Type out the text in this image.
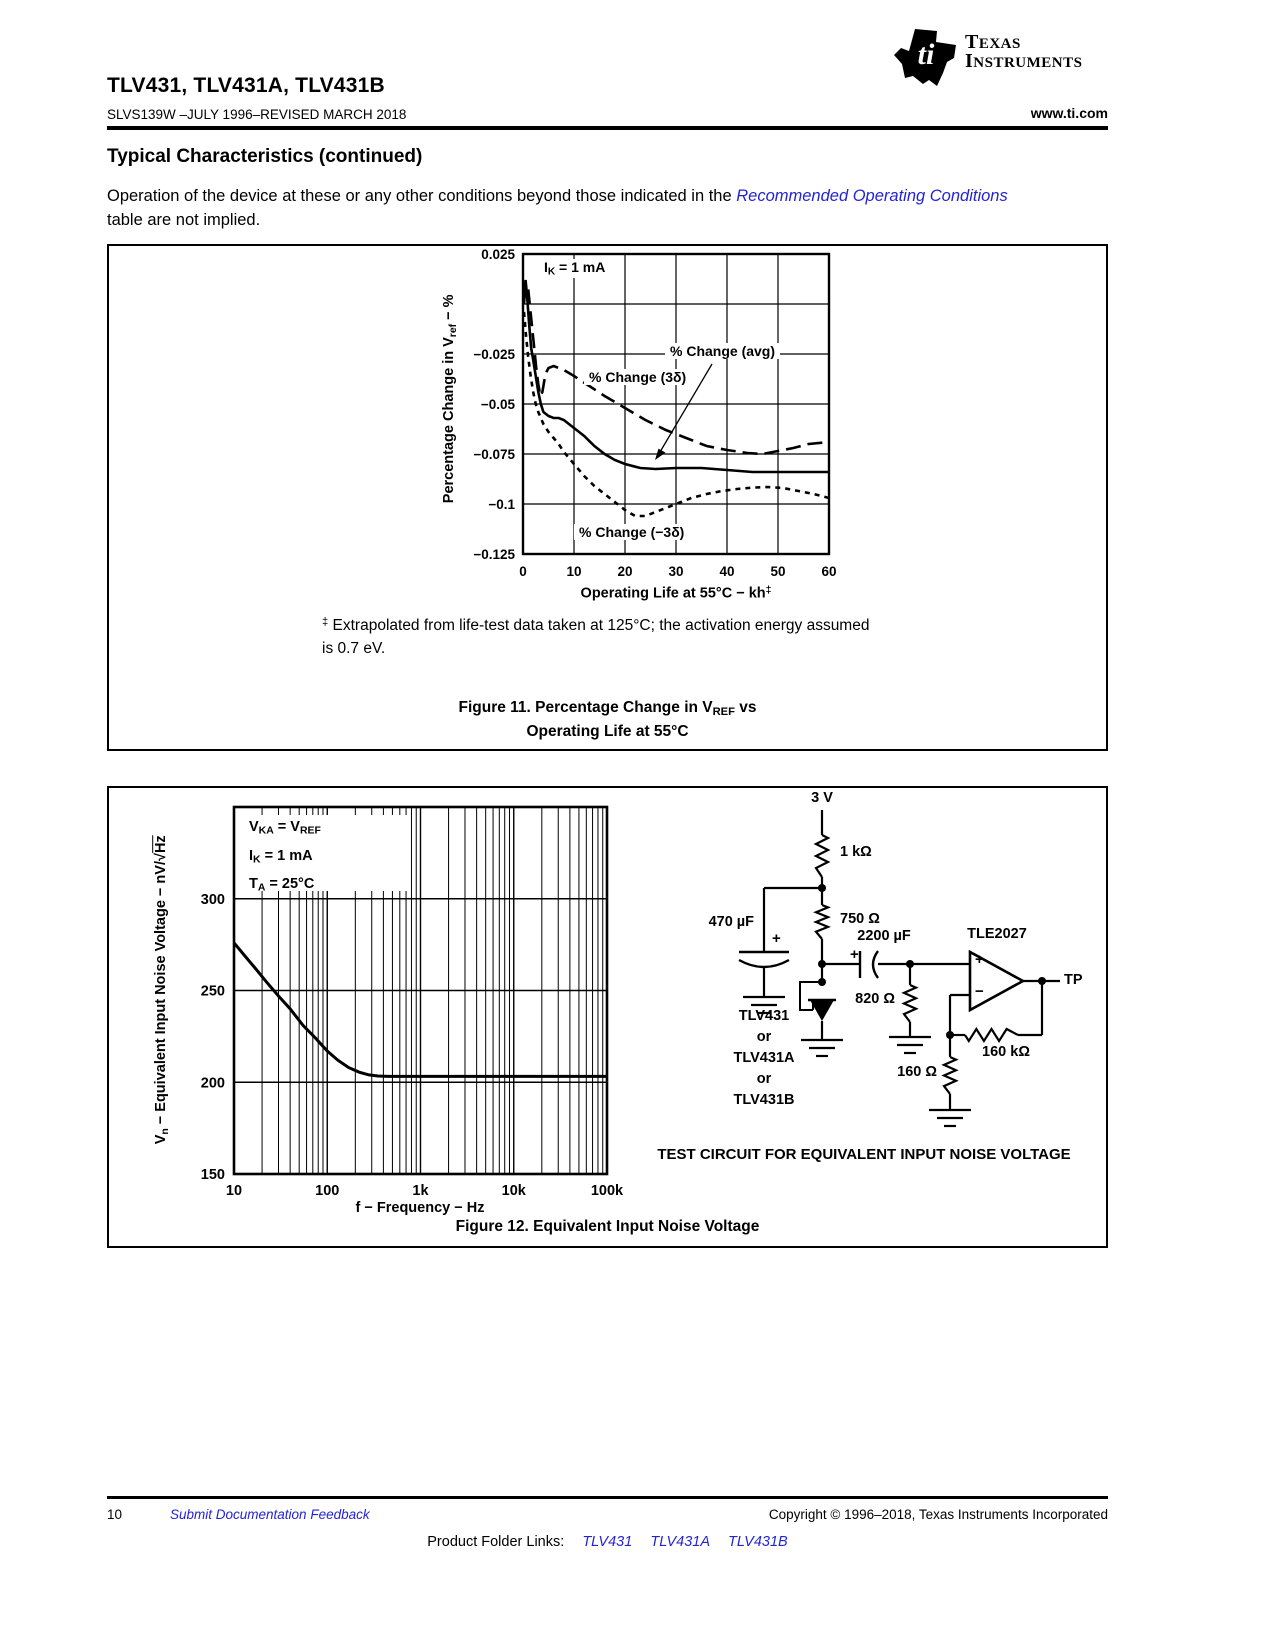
ti TEXAS
INSTRUMENTS
TLV431, TLV431A, TLV431B
SLVS139W –JULY 1996–REVISED MARCH 2018	www.ti.com
Typical Characteristics (continued)
Operation of the device at these or any other conditions beyond those indicated in the Recommended Operating Conditions
table are not implied.
0.025
−0.025
−0.05
−0.075
−0.1
−0.125
0	10	20	30	40	50	60
$I_K = 1$ mA
% Change (avg)
% Change (3δ)
% Change (−3δ)
Percentage Change in $V_{ref}$ − %
Operating Life at 55°C − kh‡
‡ Extrapolated from life-test data taken at 125°C; the activation energy assumed
is 0.7 eV.
Figure 11. Percentage Change in $V_{REF}$ vs
Operating Life at 55°C
150
200
250
300
10	100	1k	10k	100k
$V_{KA} = V_{REF}$
$I_K = 1$ mA
$T_A = 25^\circ C$
$V_n$ − Equivalent Input Noise Voltage − nV/√Hz
f − Frequency − Hz
3 V
1 kΩ
750 Ω
470 µF
+	2200 µF
+
TLE2027
+
−
820 Ω
TP
160 kΩ
160 Ω
TLV431
or
TLV431A
or
TLV431B
TEST CIRCUIT FOR EQUIVALENT INPUT NOISE VOLTAGE
Figure 12. Equivalent Input Noise Voltage
10	Submit Documentation Feedback	Copyright © 1996–2018, Texas Instruments Incorporated
Product Folder Links: TLV431 TLV431A TLV431B
